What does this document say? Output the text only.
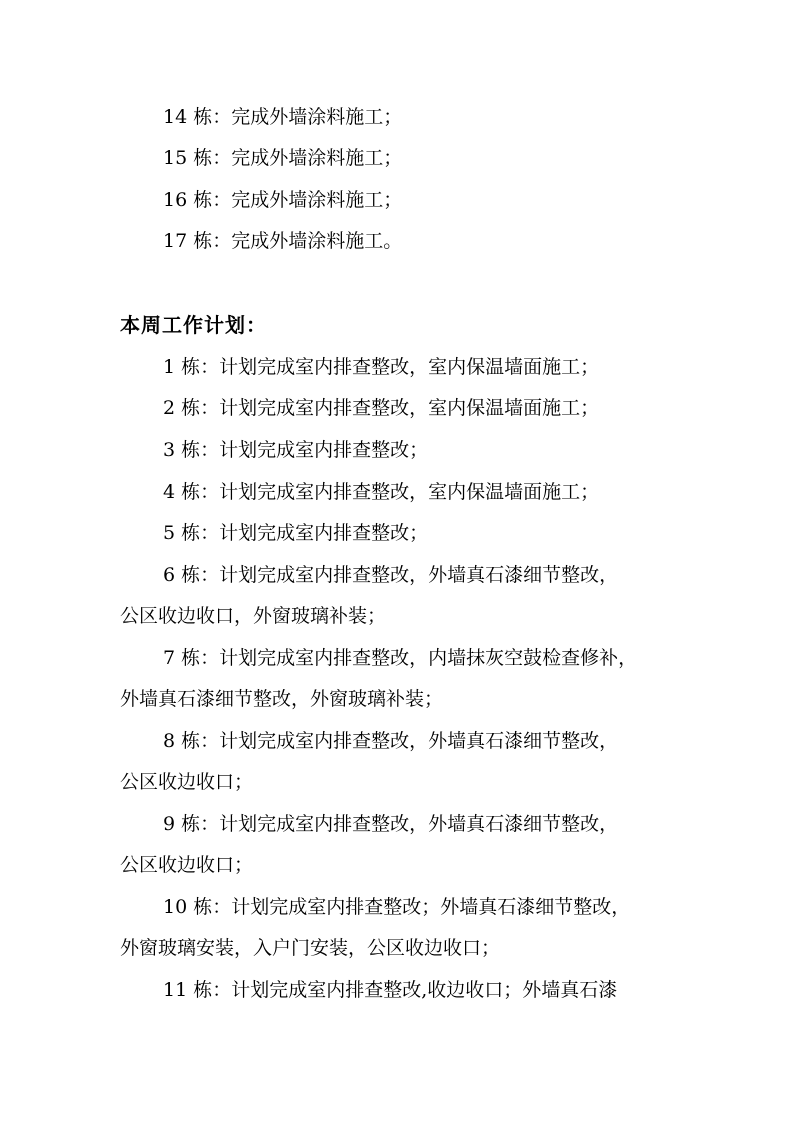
14 栋：完成外墙涂料施工；
15 栋：完成外墙涂料施工；
16 栋：完成外墙涂料施工；
17 栋：完成外墙涂料施工。
本周工作计划：
1 栋：计划完成室内排查整改，室内保温墙面施工；
2 栋：计划完成室内排查整改，室内保温墙面施工；
3 栋：计划完成室内排查整改；
4 栋：计划完成室内排查整改，室内保温墙面施工；
5 栋：计划完成室内排查整改；
6 栋：计划完成室内排查整改，外墙真石漆细节整改，
公区收边收口，外窗玻璃补装；
7 栋：计划完成室内排查整改，内墙抹灰空鼓检查修补，
外墙真石漆细节整改，外窗玻璃补装；
8 栋：计划完成室内排查整改，外墙真石漆细节整改，
公区收边收口；
9 栋：计划完成室内排查整改，外墙真石漆细节整改，
公区收边收口；
10 栋：计划完成室内排查整改；外墙真石漆细节整改，
外窗玻璃安装，入户门安装，公区收边收口；
11 栋：计划完成室内排查整改,收边收口；外墙真石漆
